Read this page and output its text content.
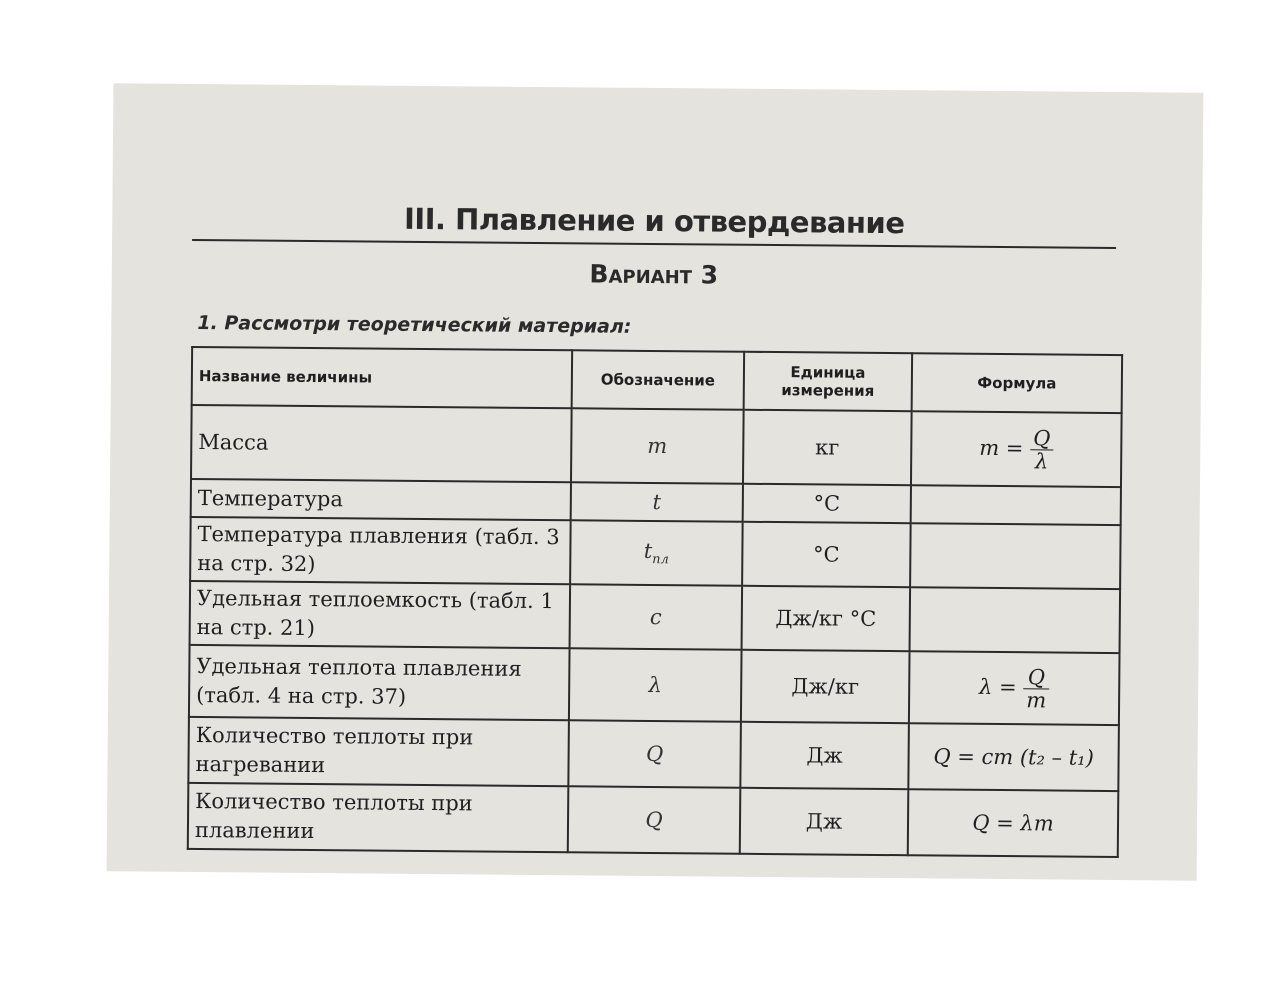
III. Плавление и отвердевание
Вариант 3
1. Рассмотри теоретический материал:
Название величины	Обозначение	Единица измерения	Формула
Масса	m	кг	$m = \frac{Q}{\lambda}$

Температура	t	°C	
Температура плавления (табл. 3 на стр. 32)	$t_{пл}$	°C	
Удельная теплоемкость (табл. 1 на стр. 21)	c	Дж/кг °C	
Удельная теплота плавления (табл. 4 на стр. 37)	λ	Дж/кг	$\lambda = \frac{Q}{m}$

Количество теплоты при нагревании	Q	Дж	Q = cm (t₂ – t₁)
Количество теплоты при плавлении	Q	Дж	Q = λm
